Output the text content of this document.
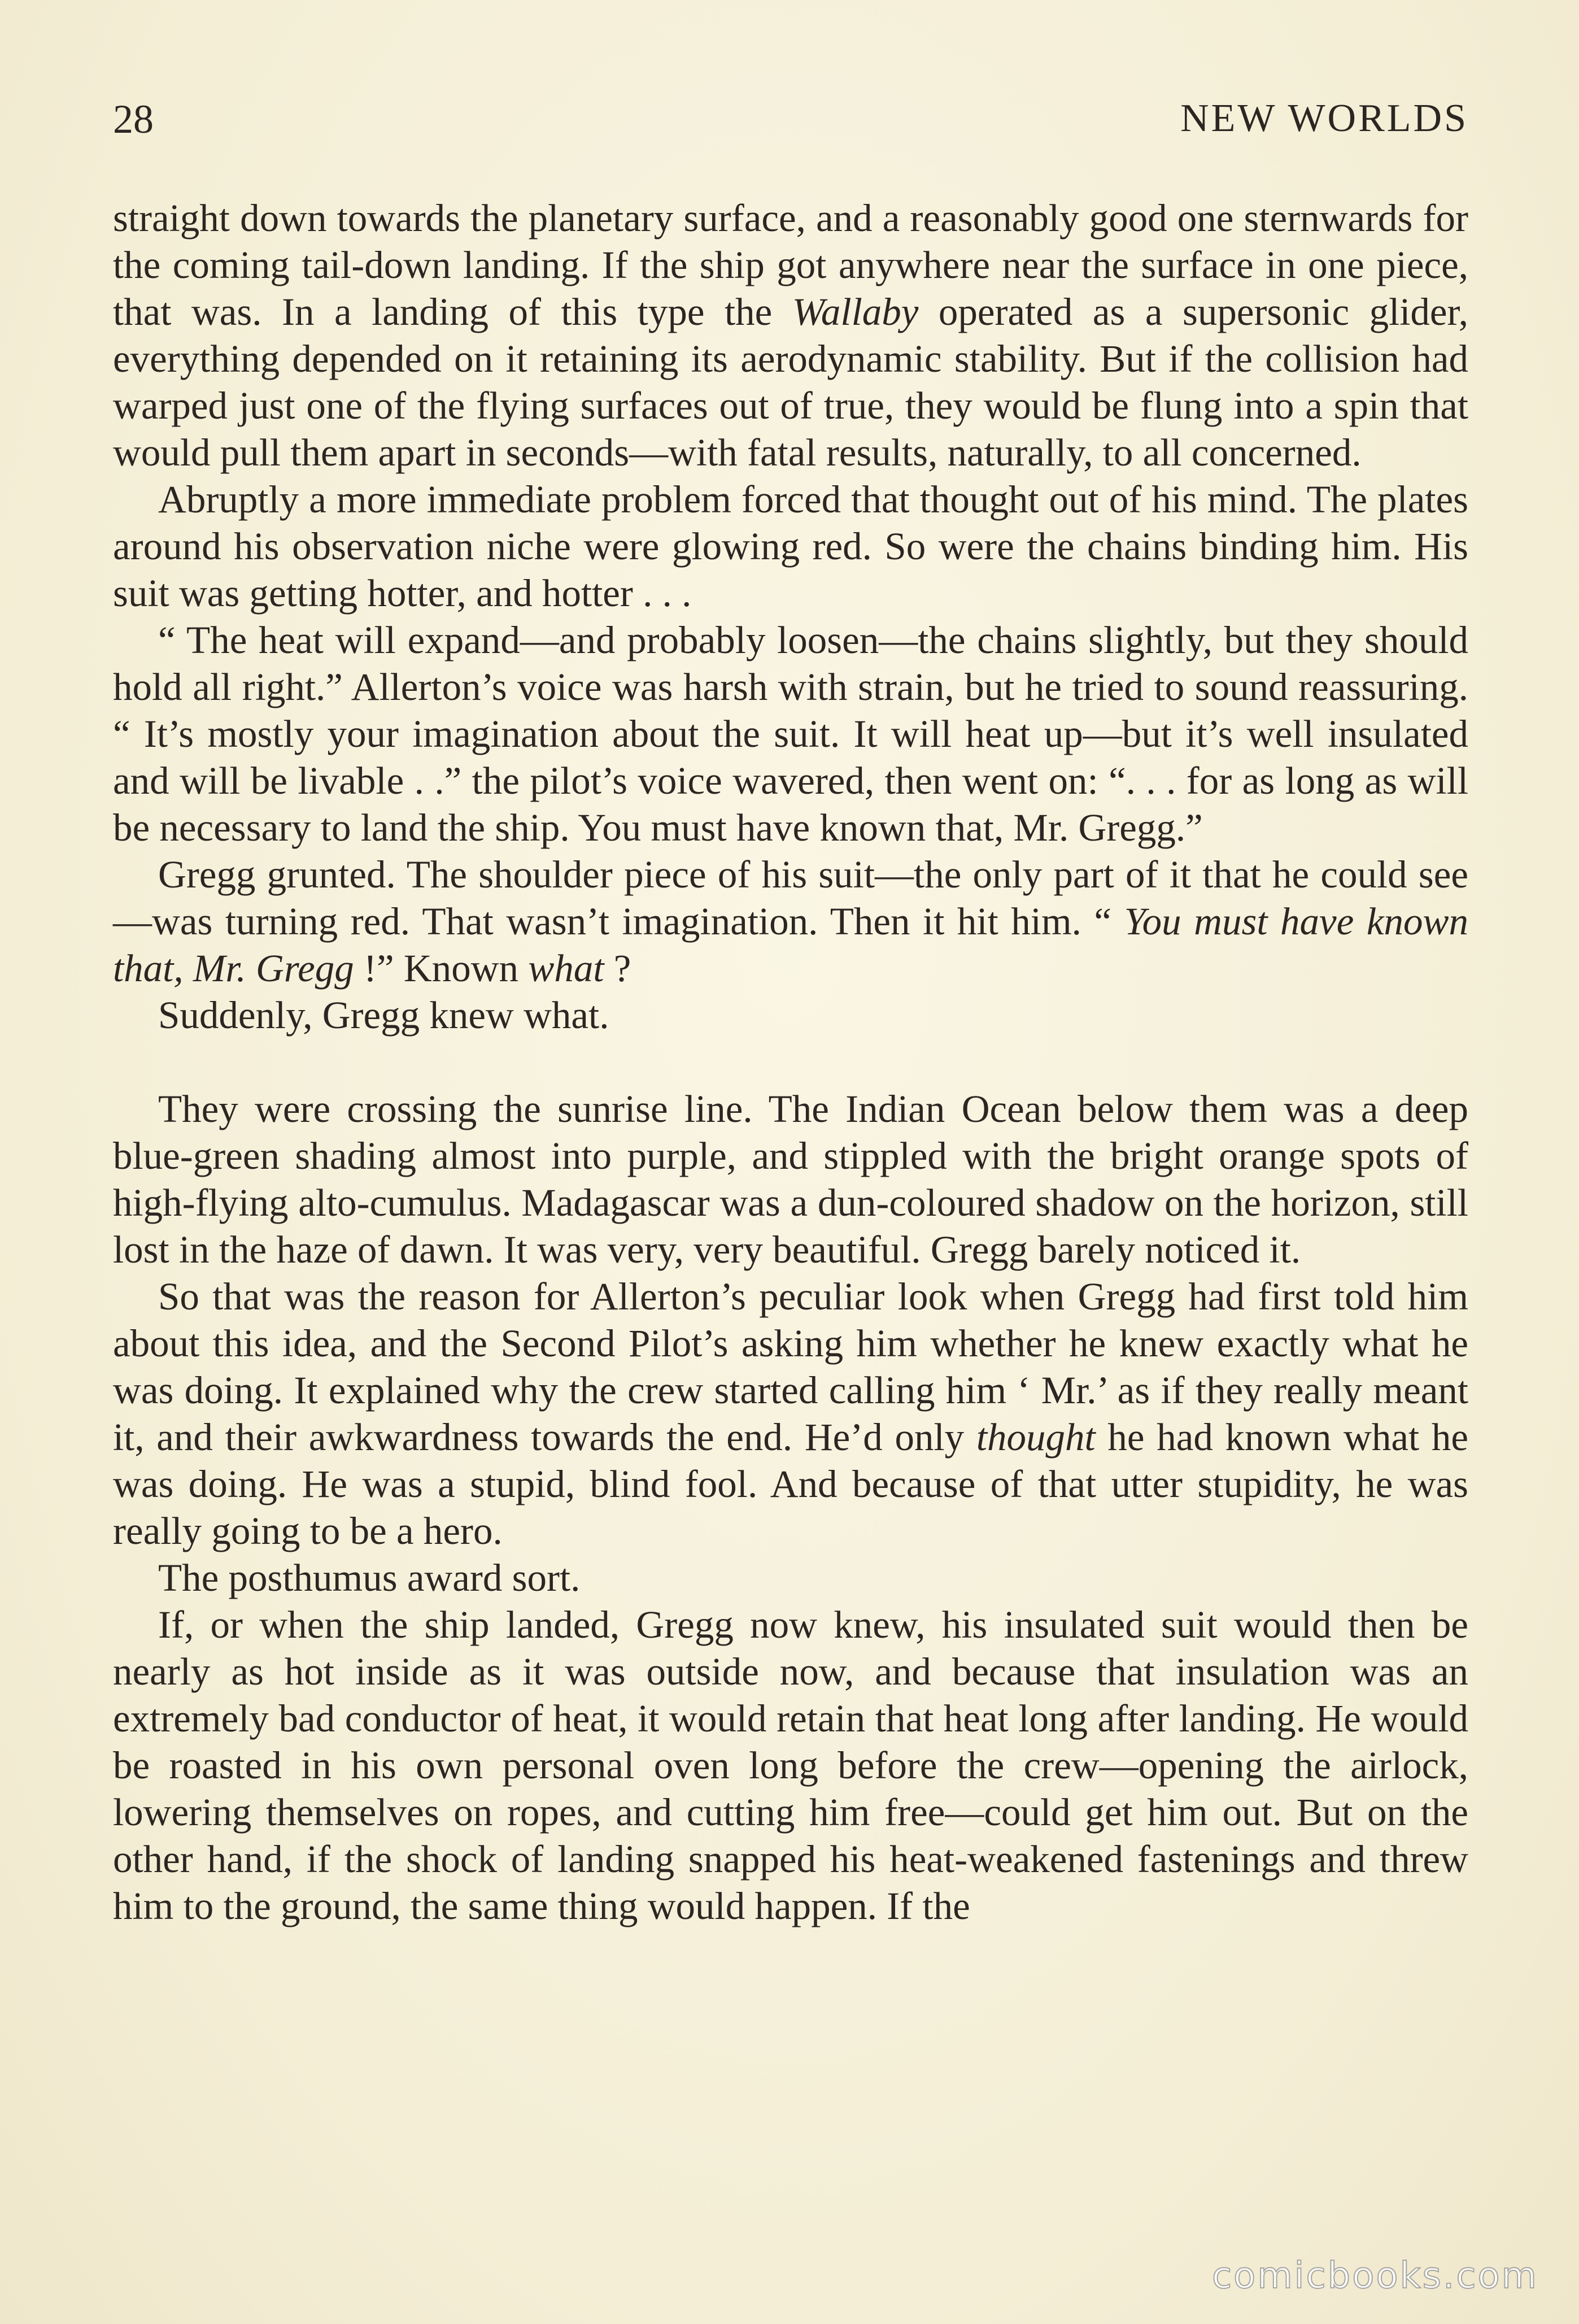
28	NEW WORLDS

straight down towards the planetary surface, and a reasonably good one sternwards for the coming tail-down landing. If the ship got anywhere near the surface in one piece, that was. In a landing of this type the Wallaby operated as a supersonic glider, everything depended on it retaining its aerodynamic stability. But if the collision had warped just one of the flying surfaces out of true, they would be flung into a spin that would pull them apart in seconds—with fatal results, naturally, to all concerned.

Abruptly a more immediate problem forced that thought out of his mind. The plates around his observation niche were glowing red. So were the chains binding him. His suit was getting hotter, and hotter . . .

“ The heat will expand—and probably loosen—the chains slightly, but they should hold all right.” Allerton’s voice was harsh with strain, but he tried to sound reassuring. “ It’s mostly your imagination about the suit. It will heat up—but it’s well insulated and will be livable . .” the pilot’s voice wavered, then went on: “. . . for as long as will be necessary to land the ship. You must have known that, Mr. Gregg.”

Gregg grunted. The shoulder piece of his suit—the only part of it that he could see—was turning red. That wasn’t imagination. Then it hit him. “ You must have known that, Mr. Gregg !” Known what ?

Suddenly, Gregg knew what.

They were crossing the sunrise line. The Indian Ocean below them was a deep blue-green shading almost into purple, and stippled with the bright orange spots of high-flying alto-cumulus. Madagascar was a dun-coloured shadow on the horizon, still lost in the haze of dawn. It was very, very beautiful. Gregg barely noticed it.

So that was the reason for Allerton’s peculiar look when Gregg had first told him about this idea, and the Second Pilot’s asking him whether he knew exactly what he was doing. It explained why the crew started calling him ‘ Mr.’ as if they really meant it, and their awkwardness towards the end. He’d only thought he had known what he was doing. He was a stupid, blind fool. And because of that utter stupidity, he was really going to be a hero.

The posthumus award sort.

If, or when the ship landed, Gregg now knew, his insulated suit would then be nearly as hot inside as it was outside now, and because that insulation was an extremely bad conductor of heat, it would retain that heat long after landing. He would be roasted in his own personal oven long before the crew—opening the airlock, lowering themselves on ropes, and cutting him free—could get him out. But on the other hand, if the shock of landing snapped his heat-weakened fastenings and threw him to the ground, the same thing would happen. If the

comicbooks.com
